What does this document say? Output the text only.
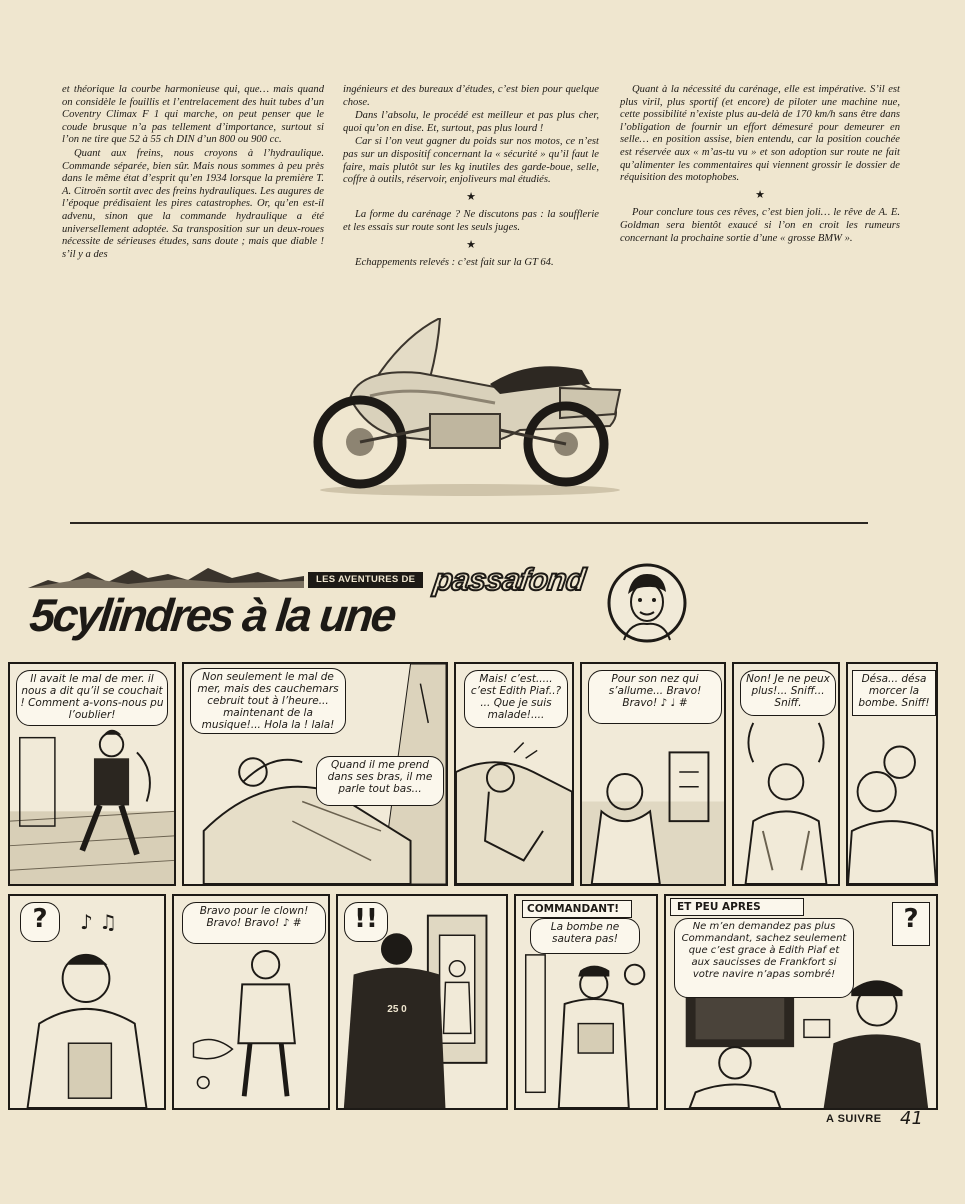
et théorique la courbe harmonieuse qui, que… mais quand on considèle le fouillis et l’entrelacement des huit tubes d’un Coventry Climax F 1 qui marche, on peut penser que le coude brusque n’a pas tellement d’importance, surtout si l’on ne tire que 52 à 55 ch DIN d’un 800 ou 900 cc.

Quant aux freins, nous croyons à l’hydraulique. Commande séparée, bien sûr. Mais nous sommes à peu près dans le même état d’esprit qu’en 1934 lorsque la première T. A. Citroën sortit avec des freins hydrauliques. Les augures de l’époque prédisaient les pires catastrophes. Or, qu’en est-il advenu, sinon que la commande hydraulique a été universellement adoptée. Sa transposition sur un deux-roues nécessite de sérieuses études, sans doute ; mais que diable ! s’il y a des

ingénieurs et des bureaux d’études, c’est bien pour quelque chose.

Dans l’absolu, le procédé est meilleur et pas plus cher, quoi qu’on en dise. Et, surtout, pas plus lourd !

Car si l’on veut gagner du poids sur nos motos, ce n’est pas sur un dispositif concernant la « sécurité » qu’il faut le faire, mais plutôt sur les kg inutiles des garde-boue, selle, coffre à outils, réservoir, enjoliveurs mal étudiés.

★

La forme du carénage ? Ne discutons pas : la soufflerie et les essais sur route sont les seuls juges.

★

Echappements relevés : c’est fait sur la GT 64.

Quant à la nécessité du carénage, elle est impérative. S’il est plus viril, plus sportif (et encore) de piloter une machine nue, cette possibilité n’existe plus au-delà de 170 km/h sans être dans l’obligation de fournir un effort démesuré pour demeurer en selle… en position assise, bien entendu, car la position couchée est réservée aux « m’as-tu vu » et son adoption sur route ne fait qu’alimenter les commentaires qui viennent grossir le dossier de réquisition des motophobes.

★

Pour conclure tous ces rêves, c’est bien joli… le rêve de A. E. Goldman sera bientôt exaucé si l’on en croit les rumeurs concernant la prochaine sortie d’une « grosse BMW ».

LES AVENTURES DE passafond
5cylindres à la une
Il avait le mal de mer. il nous a dit qu’il se couchait ! Comment a-vons-nous pu l’oublier!
Non seulement le mal de mer, mais des cauchemars cebruit tout à l’heure... maintenant de la musique!... Hola la ! lala!
Quand il me prend dans ses bras, il me parle tout bas...
Mais! c’est..... c’est Edith Piaf..? ... Que je suis malade!....
Pour son nez qui s’allume... Bravo! Bravo! ♪ ♩ #
Non! Je ne peux plus!... Sniff... Sniff.
Désa... désa morcer la bombe. Sniff!
?	♪ ♫	Bravo pour le clown! Bravo! Bravo! ♪ #	!!
25 0
COMMANDANT!
La bombe ne sautera pas!
ET PEU APRES
Ne m’en demandez pas plus Commandant, sachez seulement que c’est grace à Edith Piaf et aux saucisses de Frankfort si votre navire n’apas sombré!
?
A SUIVRE 41
